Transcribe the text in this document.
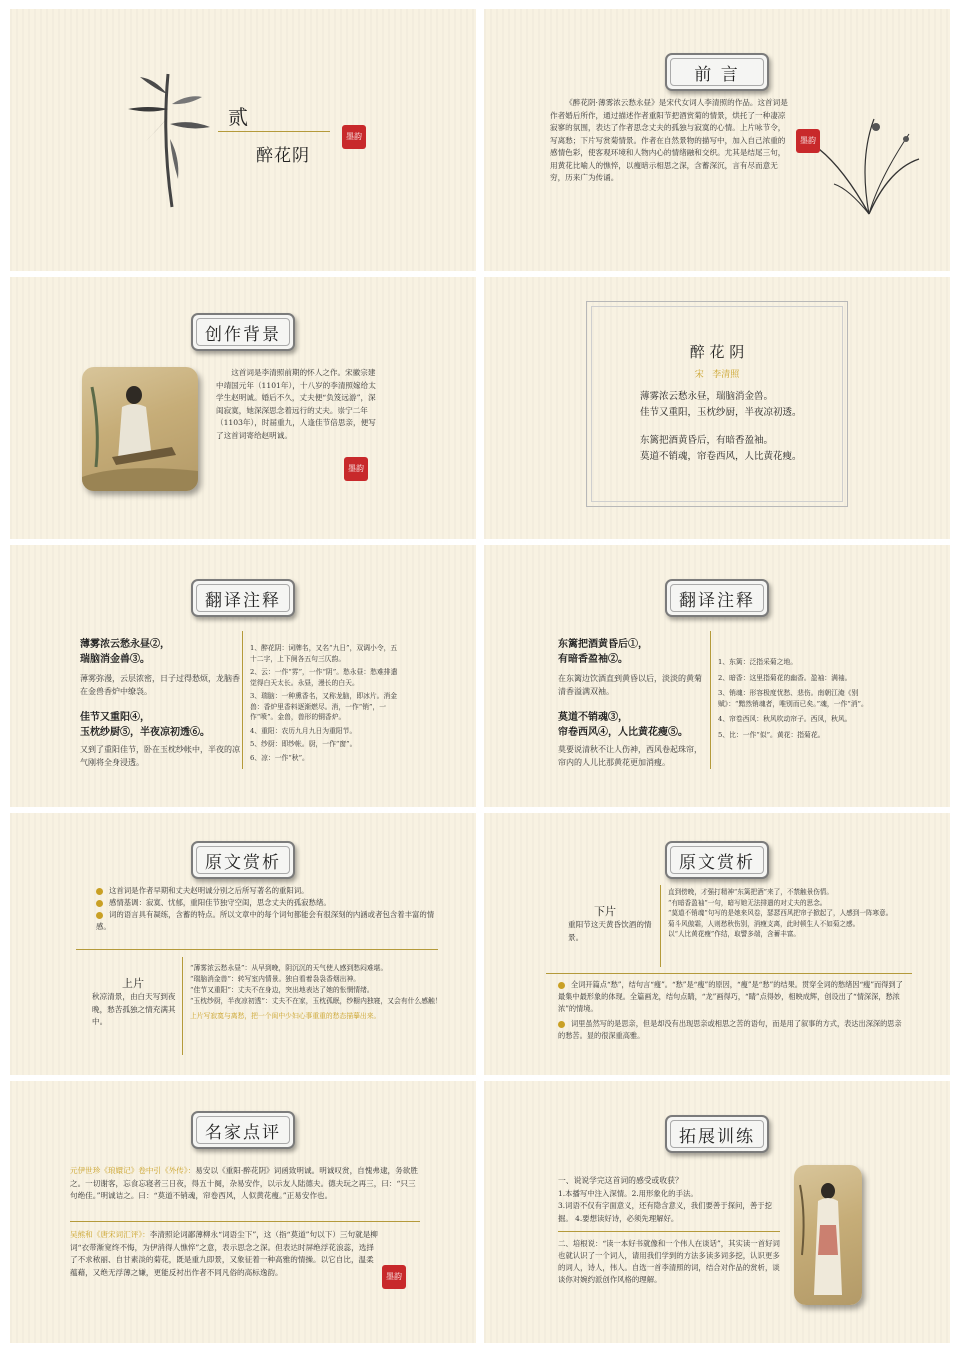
贰
醉花阴
墨韵
前 言
《醉花阴·薄雾浓云愁永昼》是宋代女词人李清照的作品。这首词是作者婚后所作，通过描述作者重阳节把酒赏菊的情景，烘托了一种凄凉寂寥的氛围，表达了作者思念丈夫的孤独与寂寞的心情。上片咏节令，写离愁；下片写赏菊情景。作者在自然景物的描写中，加入自己浓重的感情色彩，使客观环境和人物内心的情绪融和交织。尤其是结尾三句，用黄花比喻人的憔悴，以瘦暗示相思之深，含蓄深沉，言有尽而意无穷，历来广为传诵。
墨韵
创作背景
这首词是李清照前期的怀人之作。宋徽宗建中靖国元年（1101年），十八岁的李清照嫁给太学生赵明诚。婚后不久，丈夫便“负笈远游”，深闺寂寞，她深深思念着远行的丈夫。崇宁二年（1103年），时届重九，人逢佳节倍思亲，便写了这首词寄给赵明诚。
墨韵
醉 花 阴
宋   李清照
薄雾浓云愁永昼，瑞脑消金兽。
佳节又重阳，玉枕纱厨，半夜凉初透。
东篱把酒黄昏后，有暗香盈袖。
莫道不销魂，帘卷西风，人比黄花瘦。
翻译注释
薄雾浓云愁永昼②，
瑞脑消金兽③。
薄雾弥漫，云层浓密，日子过得愁烦，龙脑香在金兽香炉中缭袅。
佳节又重阳④，
玉枕纱厨⑤，半夜凉初透⑥。
又到了重阳佳节，卧在玉枕纱帐中，半夜的凉气刚将全身浸透。
1、醉花阴：词牌名，又名“九日”，双调小令，五十二字，上下阕各五句三仄韵。
2、云：一作“雰”，一作“阴”。愁永昼：愁难排遣觉得白天太长。永昼，漫长的白天。
3、瑞脑：一种熏香名，又称龙脑，即冰片。消金兽：香炉里香料逐渐燃尽。消，一作“销”，一作“喷”。金兽，兽形的铜香炉。
4、重阳：农历九月九日为重阳节。
5、纱厨：即纱帐。厨，一作“窗”。
6、凉：一作“秋”。
翻译注释
东篱把酒黄昏后①，
有暗香盈袖②。
在东篱边饮酒直到黄昏以后，淡淡的黄菊清香溢满双袖。
莫道不销魂③，
帘卷西风④，人比黄花瘦⑤。
莫要说清秋不让人伤神，西风卷起珠帘，帘内的人儿比那黄花更加消瘦。
1、东篱：泛指采菊之地。
2、暗香：这里指菊花的幽香。盈袖：满袖。
3、销魂：形容极度忧愁、悲伤。南朝江淹《别赋》：“黯然销魂者，唯别而已矣。”魂，一作“消”。
4、帘卷西风：秋风吹动帘子。西风，秋风。
5、比：一作“似”。黄花：指菊花。
原文赏析
这首词是作者早期和丈夫赵明诚分别之后所写著名的重阳词。
感情基调：寂寞、忧郁，重阳佳节独守空闺，思念丈夫的孤寂愁绪。
词的语言具有凝练，含蓄的特点。所以文章中的每个词句都能会有很深刻的内涵或者包含着丰富的情感。
上片
秋凉清景，由白天写到夜晚，愁苦孤独之情充满其中。
“薄雾浓云愁永昼”：从早到晚，阴沉沉的天气使人感到愁闷难堪。
“瑞脑消金兽”：转写室内情景。独自看着袅袅香烟出神。
“佳节又重阳”：丈夫不在身边，突出地表达了她的怅惘情绪。
“玉枕纱厨，半夜凉初透”：丈夫不在家，玉枕孤眠，纱橱内独寝，又会有什么感触！
上片写寂寞与离愁，把一个闺中少妇心事重重的愁态描摹出来。
原文赏析
下片
重阳节这天黄昏饮酒的情景。
直到傍晚，才强打精神“东篱把酒”来了，不禁触景伤情。
“有暗香盈袖”一句，暗写她无法排遣的对丈夫的思念。
“莫道不销魂”句写的是她来风卷，瑟瑟西风把帘子掀起了，人感到一阵寒意。菊斗风傲霜，人则愁秋伤别，消瘦支离，此时顿生人不如菊之感。
以“人比黄花瘦”作结，取譬多端，含蓄丰富。
全词开篇点“愁”，结句言“瘦”。“愁”是“瘦”的原因，“瘦”是“愁”的结果。贯穿全词的愁绪因“瘦”而得到了最集中最形象的体现。全篇画龙，结句点睛，“龙”画得巧，“睛”点得妙，相映成辉，创设出了“情深深，愁浓浓”的情境。
词里虽然写的是思亲，但是却没有出现思亲或相思之苦的语句，而是用了叙事的方式，表达出深深的思亲的愁苦。显的很深重高雅。
名家点评
元伊世珍《琅嬛记》卷中引《外传》：易安以《重阳·醉花阴》词函致明诚。明诚叹赏，自愧弗逮，务欲胜之。一切谢客，忘食忘寝者三日夜，得五十阕，杂易安作，以示友人陆德夫。德夫玩之再三，曰：“只三句绝佳。”明诚诘之。曰：“莫道不销魂，帘卷西风，人似黄花瘦。”正易安作也。
吴熊和《唐宋词汇评》：李清照论词鄙薄柳永“词语尘下”，这（指“莫道”句以下）三句就是柳词“衣带渐宽终不悔，为伊消得人憔悴”之意，表示思念之深。但表达时屏绝浮花浪蕊，选择了不求秾丽、自甘素淡的菊花，既是重九即景，又象征着一种高雅的情操。以它自比，温柔蕴藉，又绝无浮薄之嫌，更能反衬出作者不同凡俗的高标逸韵。	墨韵
拓展训练
一、说说学完这首词的感受或收获？
1.本播写中注入深情。2.用形象化的手法。
3.词语不仅有字面意义，还有隐含意义，我们要善于探问，善于挖掘。 4.要想读好诗，必须先理解好。
二、培根说：“读一本好书就像和一个伟人在谈话”，其实读一首好词也就认识了一个词人，请用我们学到的方法多读多词多挖，认识更多的词人，诗人，伟人。自选一首李清照的词，结合对作品的赏析，谈谈你对婉约派创作风格的理解。
